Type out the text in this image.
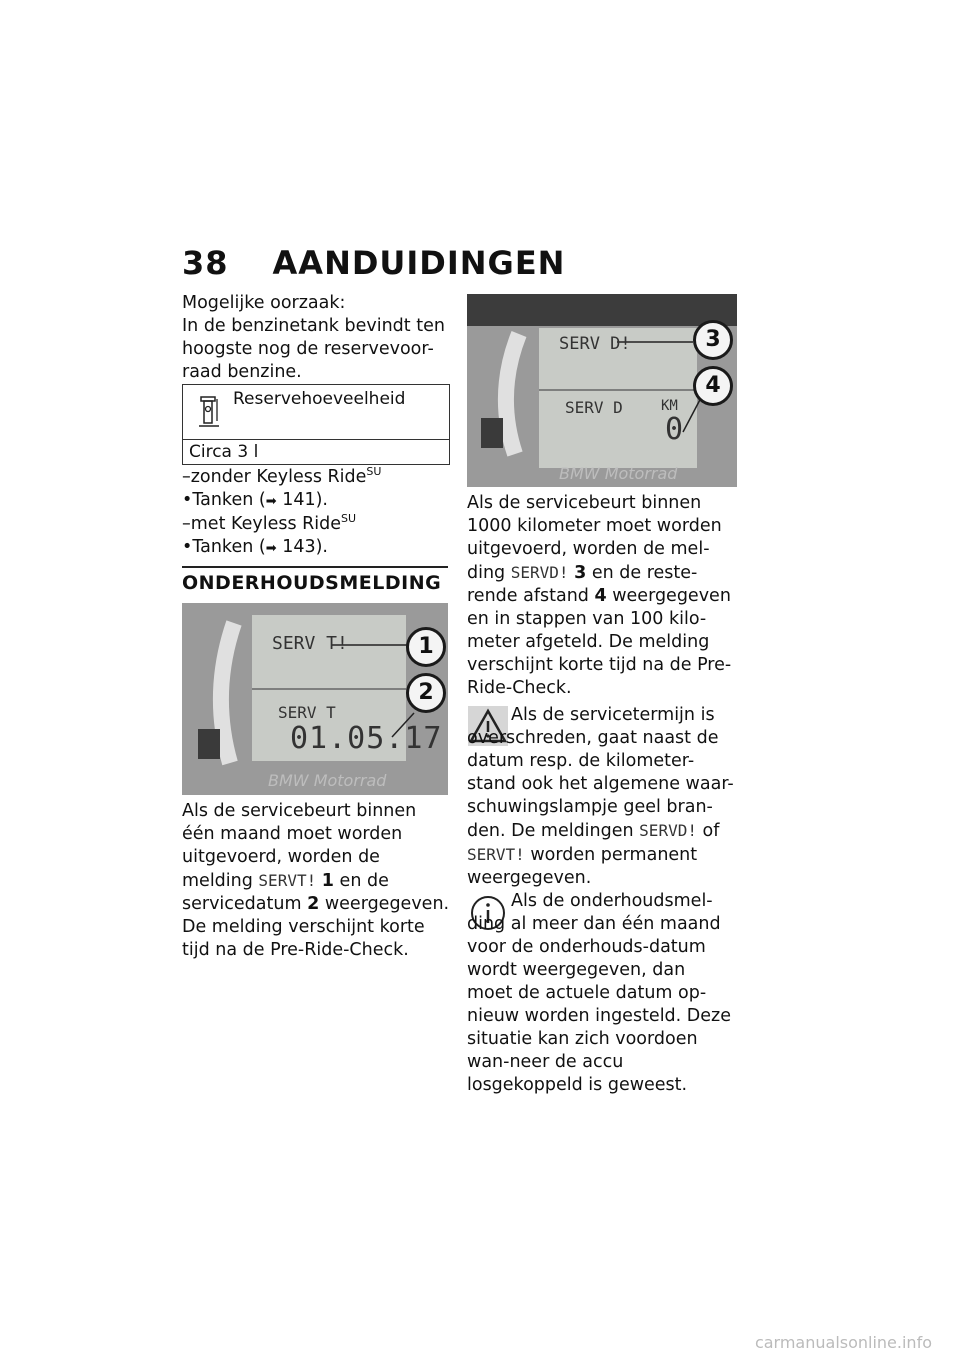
38 AANDUIDINGEN

Mogelijke oorzaak:

In de benzinetank bevindt ten hoogste nog de reservevoor-raad benzine.

Reservehoeveelheid
Circa 3 l
–zonder Keyless Ride$^{SU}$
•Tanken (➡ 141).
–met Keyless Ride$^{SU}$
•Tanken (➡ 143).
ONDERHOUDSMELDING
SERV T!
SERV T
01.05.17
BMW Motorrad
1
2

Als de servicebeurt binnen één maand moet worden uitgevoerd, worden de melding SERVT! 1 en de servicedatum 2 weergegeven. De melding verschijnt korte tijd na de Pre-Ride-Check.

SERV D!
SERV D	KM
0
BMW Motorrad
3
4

Als de servicebeurt binnen 1000 kilometer moet worden uitgevoerd, worden de mel-ding SERVD! 3 en de reste-rende afstand 4 weergegeven en in stappen van 100 kilo-meter afgeteld. De melding verschijnt korte tijd na de Pre-Ride-Check.

Als de servicetermijn is overschreden, gaat naast de datum resp. de kilometer-stand ook het algemene waar-schuwingslampje geel bran-den. De meldingen SERVD! of SERVT! worden permanent weergegeven.

Als de onderhoudsmel-ding al meer dan één maand voor de onderhouds-datum wordt weergegeven, dan moet de actuele datum op-nieuw worden ingesteld. Deze situatie kan zich voordoen wan-neer de accu losgekoppeld is geweest.

carmanualsonline.info
